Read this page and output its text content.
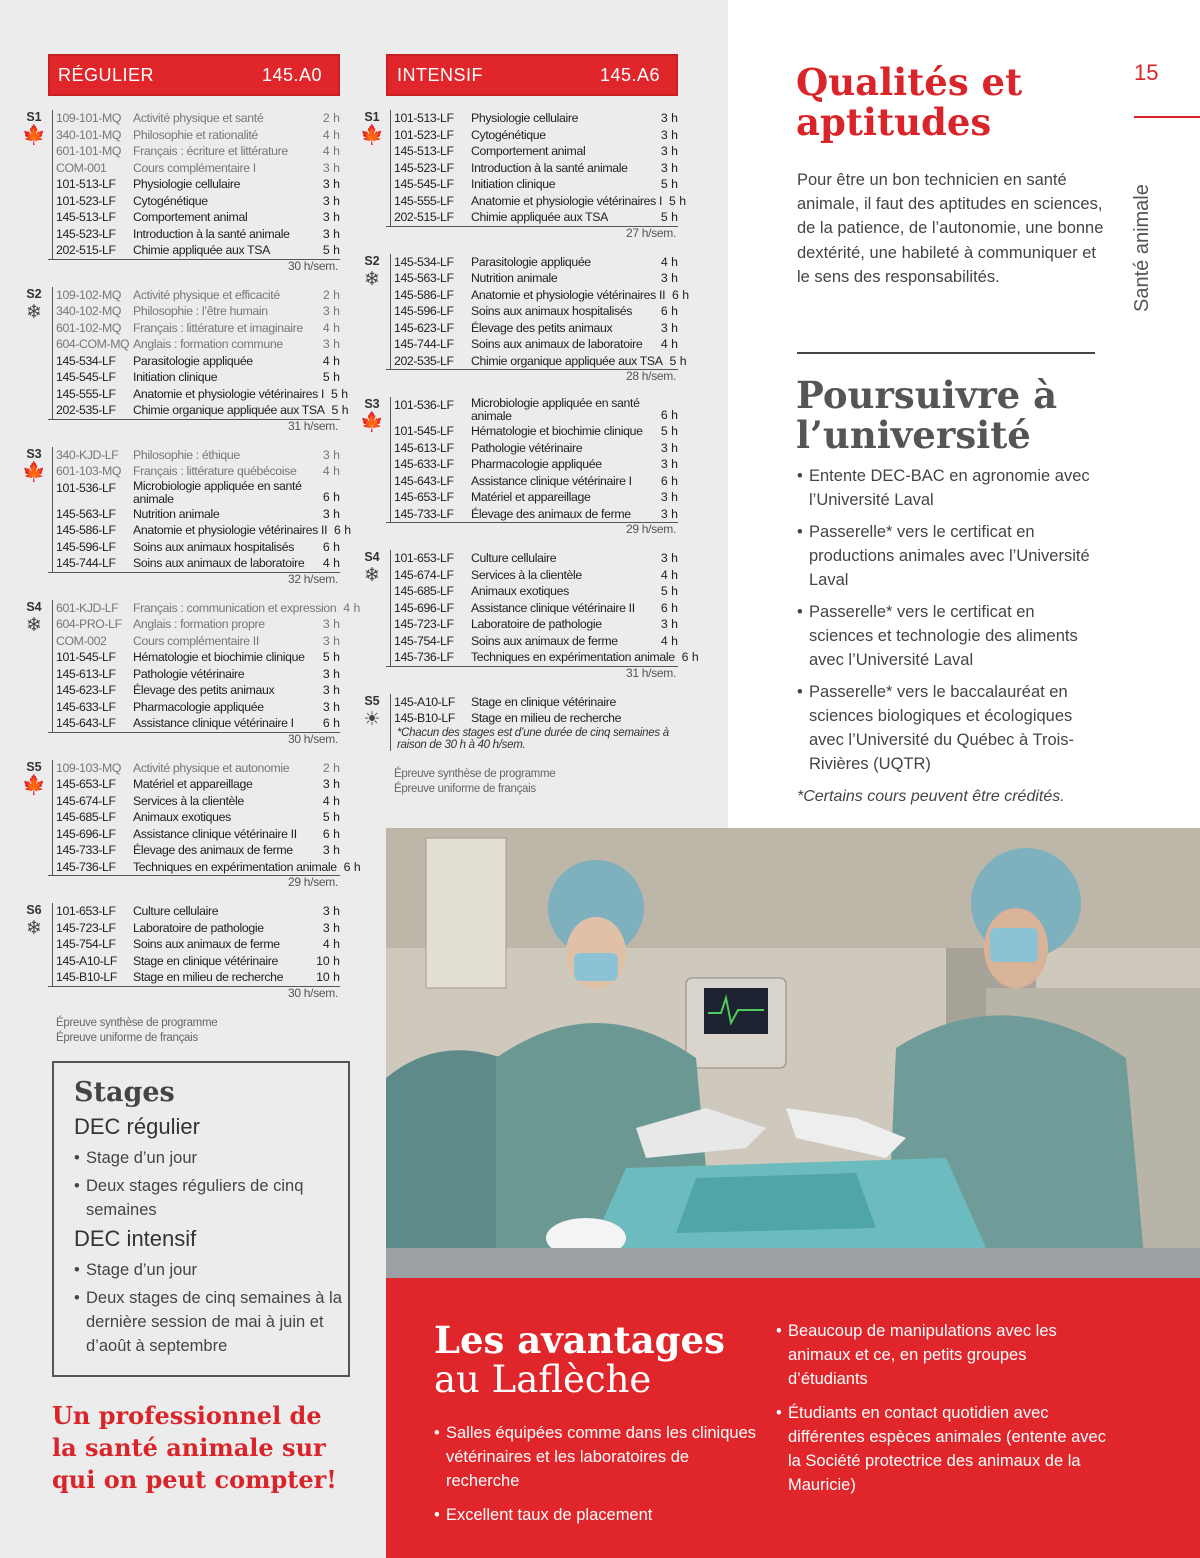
RÉGULIER	145.A0
S1
🍁
109-101-MQ Activité physique et santé	2 h
340-101-MQ Philosophie et rationalité	4 h
601-101-MQ Français : écriture et littérature	4 h
COM-001	Cours complémentaire I	3 h
101-513-LF	Physiologie cellulaire	3 h
101-523-LF	Cytogénétique	3 h
145-513-LF	Comportement animal	3 h
145-523-LF	Introduction à la santé animale	3 h
202-515-LF	Chimie appliquée aux TSA	5 h
30 h/sem.
S2
❄
109-102-MQ Activité physique et efficacité	2 h
340-102-MQ Philosophie : l’être humain	3 h
601-102-MQ Français : littérature et imaginaire	4 h
604-COM-MQ Anglais : formation commune	3 h
145-534-LF	Parasitologie appliquée	4 h
145-545-LF	Initiation clinique	5 h
145-555-LF	Anatomie et physiologie vétérinaires I 5 h
202-535-LF	Chimie organique appliquée aux TSA 5 h
31 h/sem.
S3
🍁
340-KJD-LF	Philosophie : éthique	3 h
601-103-MQ Français : littérature québécoise	4 h
101-536-LF	Microbiologie appliquée en santé animale	6 h
145-563-LF	Nutrition animale	3 h
145-586-LF	Anatomie et physiologie vétérinaires II 6 h
145-596-LF	Soins aux animaux hospitalisés	6 h
145-744-LF	Soins aux animaux de laboratoire	4 h
32 h/sem.
S4
❄
601-KJD-LF	Français : communication et expression 4 h
604-PRO-LF Anglais : formation propre	3 h
COM-002	Cours complémentaire II	3 h
101-545-LF	Hématologie et biochimie clinique	5 h
145-613-LF	Pathologie vétérinaire	3 h
145-623-LF	Élevage des petits animaux	3 h
145-633-LF	Pharmacologie appliquée	3 h
145-643-LF	Assistance clinique vétérinaire I	6 h
30 h/sem.
S5
🍁
109-103-MQ Activité physique et autonomie	2 h
145-653-LF	Matériel et appareillage	3 h
145-674-LF	Services à la clientèle	4 h
145-685-LF	Animaux exotiques	5 h
145-696-LF	Assistance clinique vétérinaire II	6 h
145-733-LF	Élevage des animaux de ferme	3 h
145-736-LF	Techniques en expérimentation animale 6 h
29 h/sem.
S6
❄
101-653-LF	Culture cellulaire	3 h
145-723-LF	Laboratoire de pathologie	3 h
145-754-LF	Soins aux animaux de ferme	4 h
145-A10-LF	Stage en clinique vétérinaire	10 h
145-B10-LF	Stage en milieu de recherche	10 h
30 h/sem.
Épreuve synthèse de programme
Épreuve uniforme de français
INTENSIF	145.A6
S1
🍁
101-513-LF	Physiologie cellulaire	3 h
101-523-LF	Cytogénétique	3 h
145-513-LF	Comportement animal	3 h
145-523-LF	Introduction à la santé animale	3 h
145-545-LF	Initiation clinique	5 h
145-555-LF	Anatomie et physiologie vétérinaires I 5 h
202-515-LF	Chimie appliquée aux TSA	5 h
27 h/sem.
S2
❄
145-534-LF	Parasitologie appliquée	4 h
145-563-LF	Nutrition animale	3 h
145-586-LF	Anatomie et physiologie vétérinaires II 6 h
145-596-LF	Soins aux animaux hospitalisés	6 h
145-623-LF	Élevage des petits animaux	3 h
145-744-LF	Soins aux animaux de laboratoire	4 h
202-535-LF	Chimie organique appliquée aux TSA 5 h
28 h/sem.
S3
🍁
101-536-LF	Microbiologie appliquée en santé animale	6 h
101-545-LF	Hématologie et biochimie clinique	5 h
145-613-LF	Pathologie vétérinaire	3 h
145-633-LF	Pharmacologie appliquée	3 h
145-643-LF	Assistance clinique vétérinaire I	6 h
145-653-LF	Matériel et appareillage	3 h
145-733-LF	Élevage des animaux de ferme	3 h
29 h/sem.
S4
❄
101-653-LF	Culture cellulaire	3 h
145-674-LF	Services à la clientèle	4 h
145-685-LF	Animaux exotiques	5 h
145-696-LF	Assistance clinique vétérinaire II	6 h
145-723-LF	Laboratoire de pathologie	3 h
145-754-LF	Soins aux animaux de ferme	4 h
145-736-LF	Techniques en expérimentation animale 6 h
31 h/sem.
S5
☀
145-A10-LF	Stage en clinique vétérinaire
145-B10-LF	Stage en milieu de recherche
*Chacun des stages est d’une durée de cinq semaines à raison de 30 h à 40 h/sem.
Épreuve synthèse de programme
Épreuve uniforme de français
Stages
DEC régulier
• Stage d’un jour
• Deux stages réguliers de cinq semaines
DEC intensif
• Stage d’un jour
• Deux stages de cinq semaines à la dernière session de mai à juin et d’août à septembre
Un professionnel de la santé animale sur qui on peut compter!
15
Santé animale
Qualités et aptitudes
Pour être un bon technicien en santé animale, il faut des aptitudes en sciences, de la patience, de l’autonomie, une bonne dextérité, une habileté à communiquer et le sens des responsabilités.
Poursuivre à l’université
• Entente DEC-BAC en agronomie avec l’Université Laval
• Passerelle* vers le certificat en productions animales avec l’Université Laval
• Passerelle* vers le certificat en sciences et technologie des aliments avec l’Université Laval
• Passerelle* vers le baccalauréat en sciences biologiques et écologiques avec l’Université du Québec à Trois-Rivières (UQTR)
*Certains cours peuvent être crédités.
Les avantages
au Laflèche
• Salles équipées comme dans les cliniques vétérinaires et les laboratoires de recherche
• Excellent taux de placement
• Beaucoup de manipulations avec les animaux et ce, en petits groupes d’étudiants
• Étudiants en contact quotidien avec différentes espèces animales (entente avec la Société protectrice des animaux de la Mauricie)
